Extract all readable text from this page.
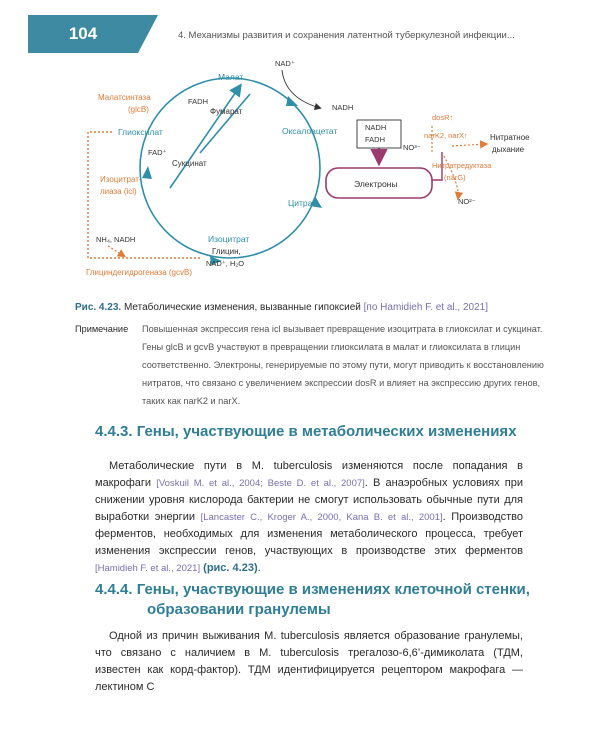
104	4. Механизмы развития и сохранения латентной туберкулезной инфекции...
Малат
NAD⁺
FADH
Фумарат	NADH
Малатсинтаза
(glcB)
Глиоксилат
FAD⁺
Сукцинат
Оксалоацетат
Изоцитрат-
лиаза (icl)
Цитрат
NH₄, NADH	Изоцитрат
Глицин,
NAD⁺, H₂O
Глициндегидрогеназа (gcvB)
NADH
FADH
Электроны
NO³⁻
dosR↑
narK2, narX↑	Нитратное
дыхание
Нитратредуктаза
(narG)
NO²⁻
Рис. 4.23. Метаболические изменения, вызванные гипоксией [по Hamidieh F. et al., 2021]
Примечание Повышенная экспрессия гена icl вызывает превращение изоцитрата в глиоксилат и сукцинат. Гены glcB и gcvB участвуют в превращении глиоксилата в малат и глиоксилата в глицин соответственно. Электроны, генерируемые по этому пути, могут приводить к восстановлению нитратов, что связано с увеличением экспрессии dosR и влияет на экспрессию других генов, таких как narK2 и narX.
4.4.3. Гены, участвующие в метаболических изменениях
Метаболические пути в M. tuberculosis изменяются после попадания в макрофаги [Voskuil M. et al., 2004; Beste D. et al., 2007]. В анаэробных условиях при снижении уровня кислорода бактерии не смогут использовать обычные пути для выработки энергии [Lancaster C., Kroger A., 2000, Kana B. et al., 2001]. Производство ферментов, необходимых для изменения метаболического процесса, требует изменения экспрессии генов, участвующих в производстве этих ферментов [Hamidieh F. et al., 2021] (рис. 4.23).
4.4.4. Гены, участвующие в изменениях клеточной стенки,
образовании гранулемы
Одной из причин выживания M. tuberculosis является образование гранулемы, что связано с наличием в M. tuberculosis трегалозо-6,6’-димиколата (ТДМ, известен как корд-фактор). ТДМ идентифицируется рецептором макрофага — лектином С
